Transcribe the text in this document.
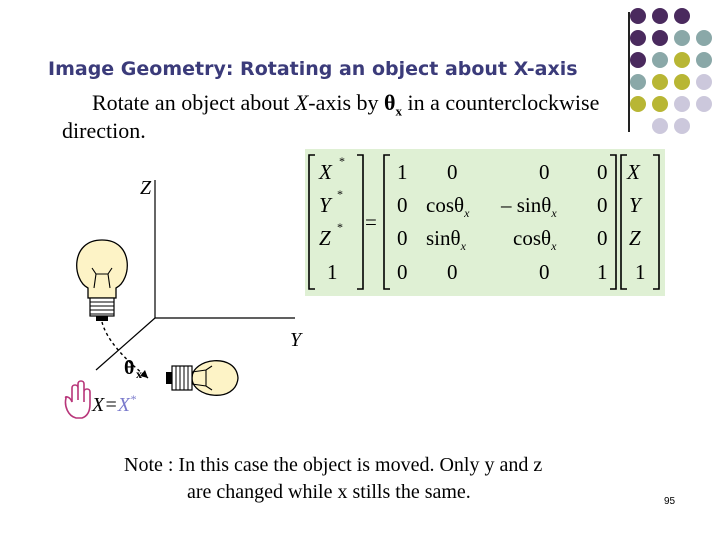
Image Geometry: Rotating an object about X-axis
Rotate an object about X-axis by $\theta_x$ in a counterclockwise
direction.
X *
Y *
Z *
1
=
1 0	0 0
0 cosθ$_x$ – sinθ$_x$ 0
0 sinθ$_x$ cosθ$_x$ 0
0 0	0 1
X
Y
Z
1
Z
Y
θ x
X=X*
Note : In this case the object is moved. Only y and z
are changed while x stills the same.	95
